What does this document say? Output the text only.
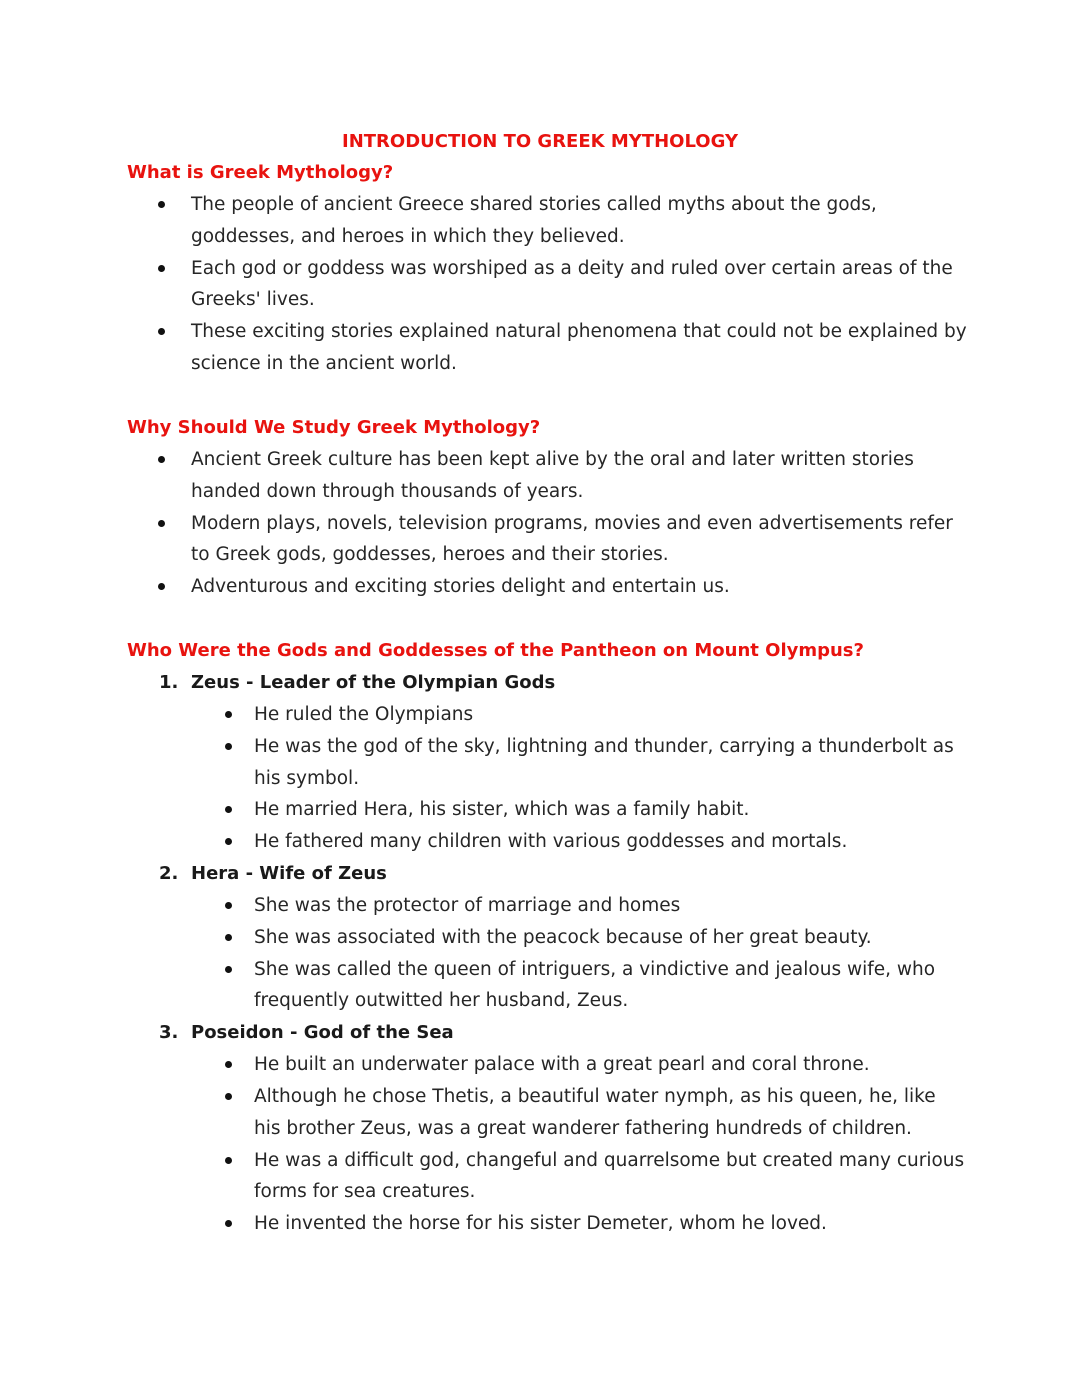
INTRODUCTION TO GREEK MYTHOLOGY
What is Greek Mythology?
The people of ancient Greece shared stories called myths about the gods, goddesses, and heroes in which they believed.
Each god or goddess was worshiped as a deity and ruled over certain areas of the Greeks' lives.
These exciting stories explained natural phenomena that could not be explained by science in the ancient world.
Why Should We Study Greek Mythology?
Ancient Greek culture has been kept alive by the oral and later written stories handed down through thousands of years.
Modern plays, novels, television programs, movies and even advertisements refer to Greek gods, goddesses, heroes and their stories.
Adventurous and exciting stories delight and entertain us.
Who Were the Gods and Goddesses of the Pantheon on Mount Olympus?
1. Zeus - Leader of the Olympian Gods
He ruled the Olympians
He was the god of the sky, lightning and thunder, carrying a thunderbolt as his symbol.
He married Hera, his sister, which was a family habit.
He fathered many children with various goddesses and mortals.
2. Hera - Wife of Zeus
She was the protector of marriage and homes
She was associated with the peacock because of her great beauty.
She was called the queen of intriguers, a vindictive and jealous wife, who frequently outwitted her husband, Zeus.
3. Poseidon - God of the Sea
He built an underwater palace with a great pearl and coral throne.
Although he chose Thetis, a beautiful water nymph, as his queen, he, like his brother Zeus, was a great wanderer fathering hundreds of children.
He was a difficult god, changeful and quarrelsome but created many curious forms for sea creatures.
He invented the horse for his sister Demeter, whom he loved.
